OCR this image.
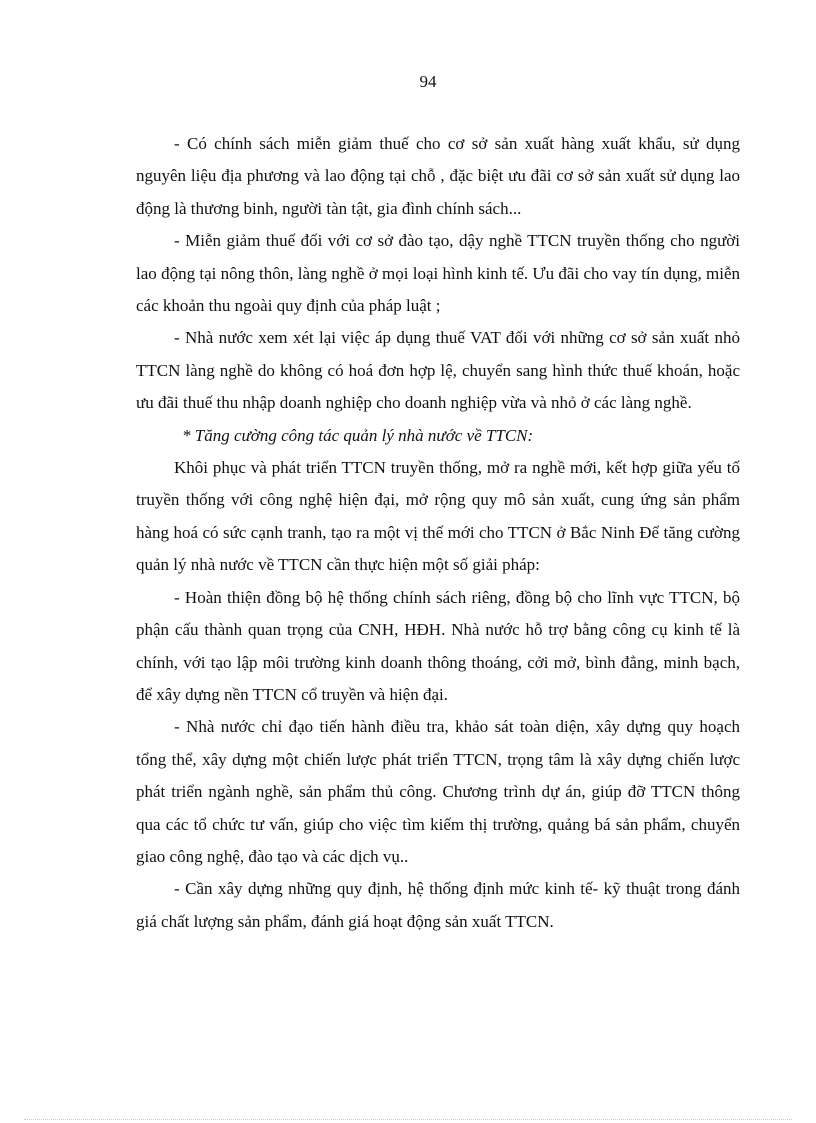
94

- Có chính sách miễn giảm thuế cho cơ sở sản xuất hàng xuất khẩu, sử dụng nguyên liệu địa phương và lao động tại chỗ , đặc biệt ưu đãi cơ sở sản xuất sử dụng lao động là thương binh, người tàn tật, gia đình chính sách...

- Miễn giảm thuế đối với cơ sở đào tạo, dậy nghề TTCN truyền thống cho người lao động tại nông thôn, làng nghề ở mọi loại hình kinh tế. Ưu đãi cho vay tín dụng, miễn các khoản thu ngoài quy định của pháp luật ;

- Nhà nước xem xét lại việc áp dụng thuế VAT đối với những cơ sở sản xuất nhỏ TTCN làng nghề do không có hoá đơn hợp lệ, chuyển sang hình thức thuế khoán, hoặc ưu đãi thuế thu nhập doanh nghiệp cho doanh nghiệp vừa và nhỏ ở các làng nghề.

* Tăng cường công tác quản lý nhà nước về TTCN:

Khôi phục và phát triển TTCN truyền thống, mở ra nghề mới, kết hợp giữa yếu tố truyền thống với công nghệ hiện đại, mở rộng quy mô sản xuất, cung ứng sản phẩm hàng hoá có sức cạnh tranh, tạo ra một vị thế mới cho TTCN ở Bắc Ninh Để tăng cường quản lý nhà nước về TTCN cần thực hiện một số giải pháp:

- Hoàn thiện đồng bộ hệ thống chính sách riêng, đồng bộ cho lĩnh vực TTCN, bộ phận cấu thành quan trọng của CNH, HĐH. Nhà nước hỗ trợ bằng công cụ kinh tế là chính, với tạo lập môi trường kinh doanh thông thoáng, cởi mở, bình đẳng, minh bạch, để xây dựng nền TTCN cổ truyền và hiện đại.

- Nhà nước chỉ đạo tiến hành điều tra, khảo sát toàn diện, xây dựng quy hoạch tổng thể, xây dựng một chiến lược phát triển TTCN, trọng tâm là xây dựng chiến lược phát triển ngành nghề, sản phẩm thủ công. Chương trình dự án, giúp đỡ TTCN thông qua các tổ chức tư vấn, giúp cho việc tìm kiếm thị trường, quảng bá sản phẩm, chuyển giao công nghệ, đào tạo và các dịch vụ..

- Cần xây dựng những quy định, hệ thống định mức kinh tế- kỹ thuật trong đánh giá chất lượng sản phẩm, đánh giá hoạt động sản xuất TTCN.
